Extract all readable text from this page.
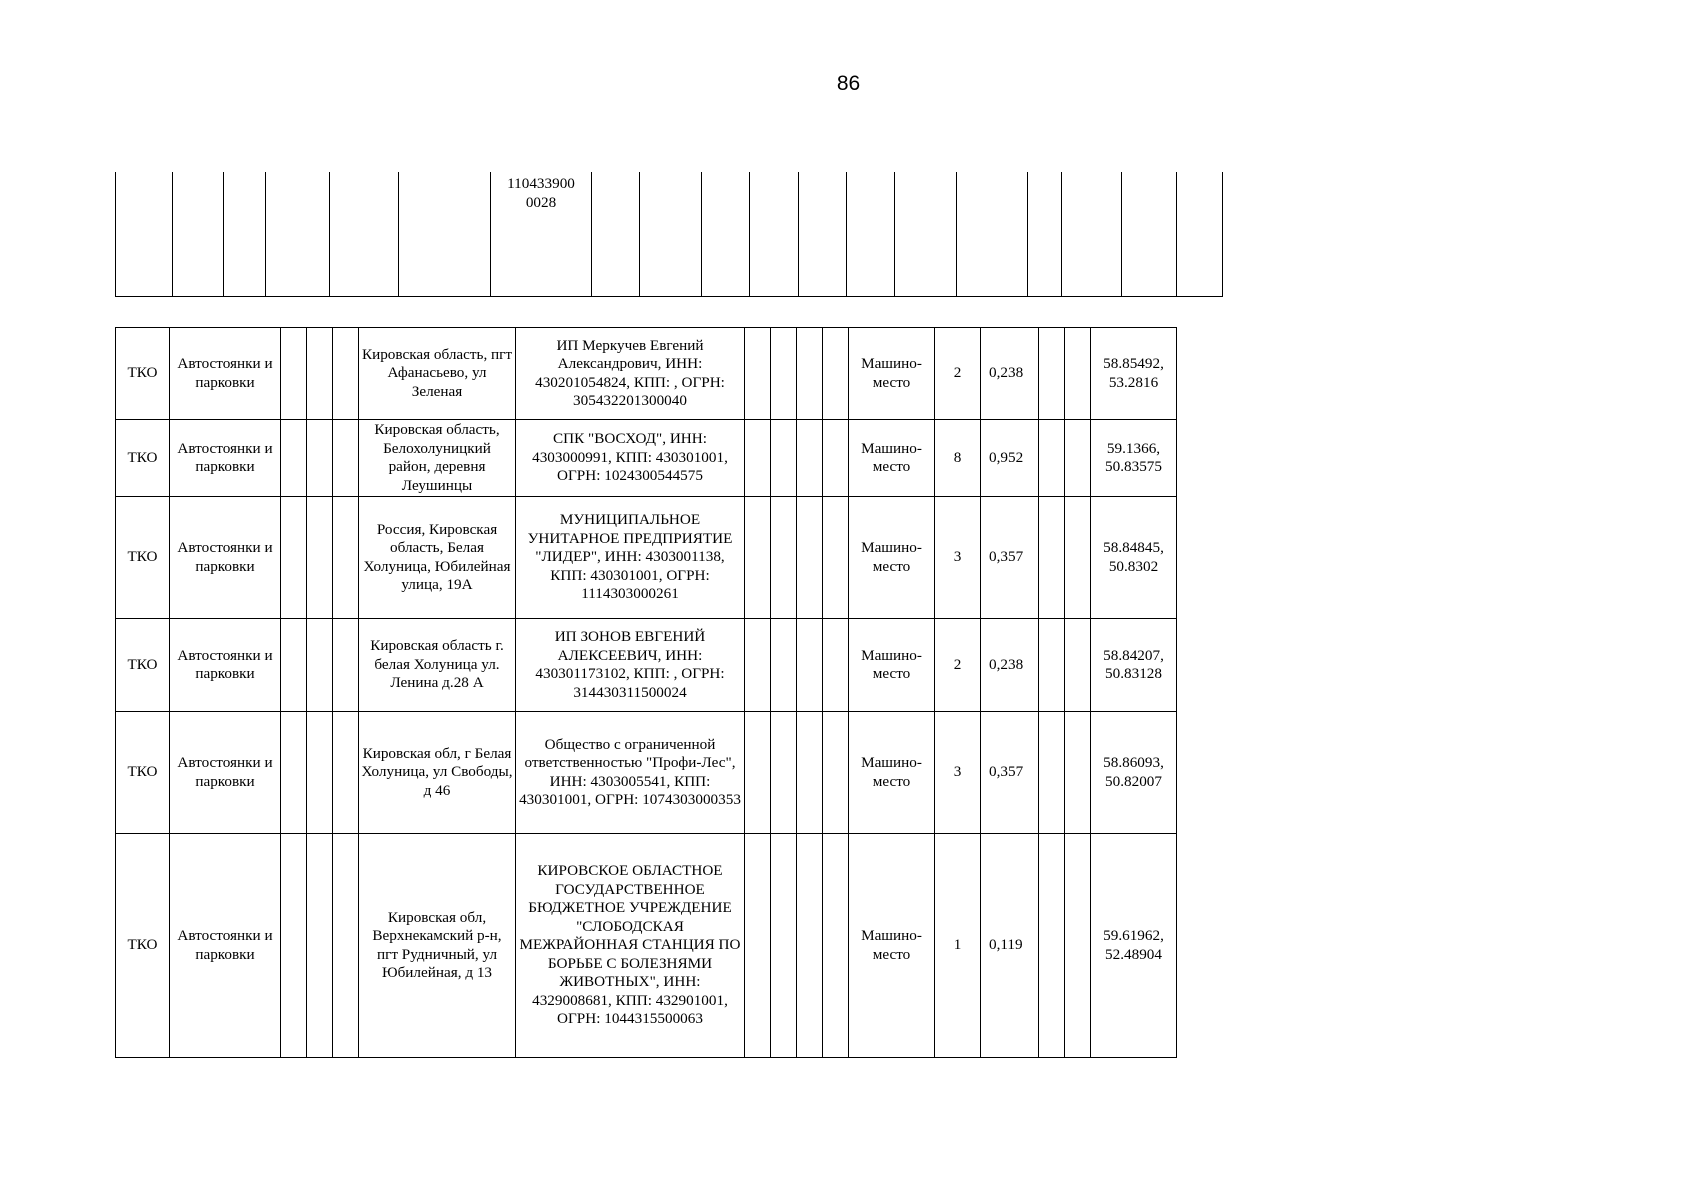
86
						110433900
0028												
ТКО	Автостоянки и парковки				Кировская область, пгт Афанасьево, ул Зеленая	ИП Меркучев Евгений Александрович, ИНН: 430201054824, КПП: , ОГРН: 305432201300040					Машино-место	2	0,238			58.85492, 53.2816
ТКО	Автостоянки и парковки				Кировская область, Белохолуницкий район, деревня Леушинцы	СПК "ВОСХОД", ИНН: 4303000991, КПП: 430301001, ОГРН: 1024300544575					Машино-место	8	0,952			59.1366, 50.83575
ТКО	Автостоянки и парковки				Россия, Кировская область, Белая Холуница, Юбилейная улица, 19А	МУНИЦИПАЛЬНОЕ УНИТАРНОЕ ПРЕДПРИЯТИЕ "ЛИДЕР", ИНН: 4303001138, КПП: 430301001, ОГРН: 1114303000261					Машино-место	3	0,357			58.84845, 50.8302
ТКО	Автостоянки и парковки				Кировская область г. белая Холуница ул. Ленина д.28 А	ИП ЗОНОВ ЕВГЕНИЙ АЛЕКСЕЕВИЧ, ИНН: 430301173102, КПП: , ОГРН: 314430311500024					Машино-место	2	0,238			58.84207, 50.83128
ТКО	Автостоянки и парковки				Кировская обл, г Белая Холуница, ул Свободы, д 46	Общество с ограниченной ответственностью "Профи-Лес", ИНН: 4303005541, КПП: 430301001, ОГРН: 1074303000353					Машино-место	3	0,357			58.86093, 50.82007
ТКО	Автостоянки и парковки				Кировская обл, Верхнекамский р-н, пгт Рудничный, ул Юбилейная, д 13	КИРОВСКОЕ ОБЛАСТНОЕ ГОСУДАРСТВЕННОЕ БЮДЖЕТНОЕ УЧРЕЖДЕНИЕ "СЛОБОДСКАЯ МЕЖРАЙОННАЯ СТАНЦИЯ ПО БОРЬБЕ С БОЛЕЗНЯМИ ЖИВОТНЫХ", ИНН: 4329008681, КПП: 432901001, ОГРН: 1044315500063					Машино-место	1	0,119			59.61962, 52.48904
